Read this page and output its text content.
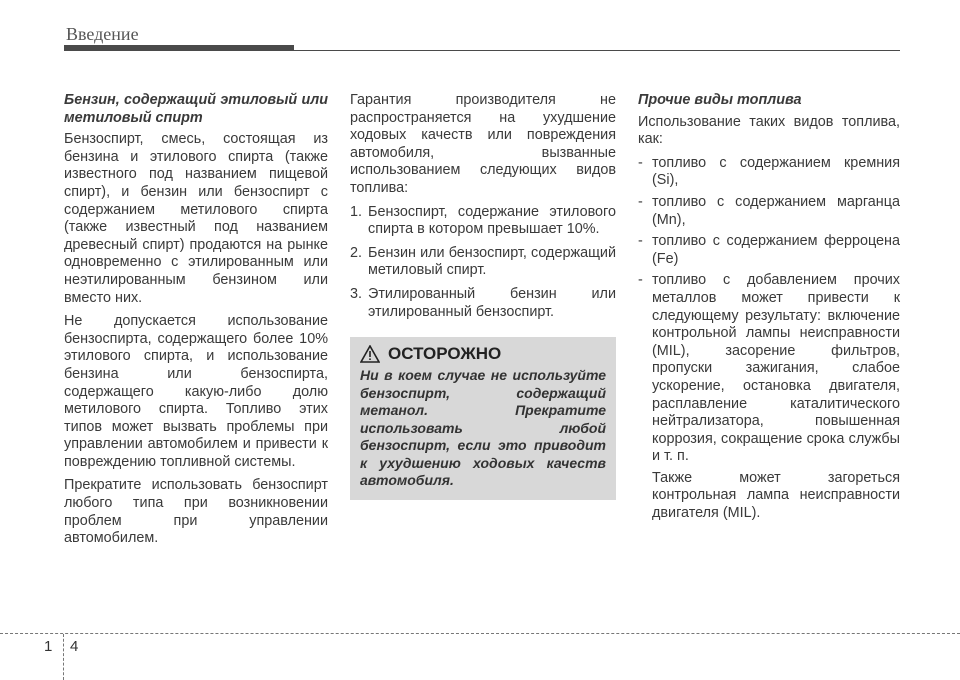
Введение
Бензин, содержащий этиловый или метиловый спирт
Бензоспирт, смесь, состоящая из бензина и этилового спирта (также известного под названием пищевой спирт), и бензин или бензоспирт с содержанием метилового спирта (также известный под названием древесный спирт) продаются на рынке одновременно с этилированным или неэтилированным бензином или вместо них.
Не допускается использование бензоспирта, содержащего более 10% этилового спирта, и использование бензина или бензоспирта, содержащего какую-либо долю метилового спирта. Топливо этих типов может вызвать проблемы при управлении автомобилем и привести к повреждению топливной системы.
Прекратите использовать бензоспирт любого типа при возникновении проблем при управлении автомобилем.
Гарантия производителя не распространяется на ухудшение ходовых качеств или повреждения автомобиля, вызванные использованием следующих видов топлива:
1. Бензоспирт, содержание этилового спирта в котором превышает 10%.
2. Бензин или бензоспирт, содержащий метиловый спирт.
3. Этилированный бензин или этилированный бензоспирт.
ОСТОРОЖНО
Ни в коем случае не используйте бензоспирт, содержащий метанол. Прекратите использовать любой бензоспирт, если это приводит к ухудшению ходовых качеств автомобиля.
Прочие виды топлива
Использование таких видов топлива, как:
- топливо с содержанием кремния (Si),
- топливо с содержанием марганца (Mn),
- топливо с содержанием ферроцена (Fe)
- топливо с добавлением прочих металлов может привести к следующему результату: включение контрольной лампы неисправности (MIL), засорение фильтров, пропуски зажигания, слабое ускорение, остановка двигателя, расплавление каталитического нейтрализатора, повышенная коррозия, сокращение срока службы и т. п.
Также может загореться контрольная лампа неисправности двигателя (MIL).
1 4
